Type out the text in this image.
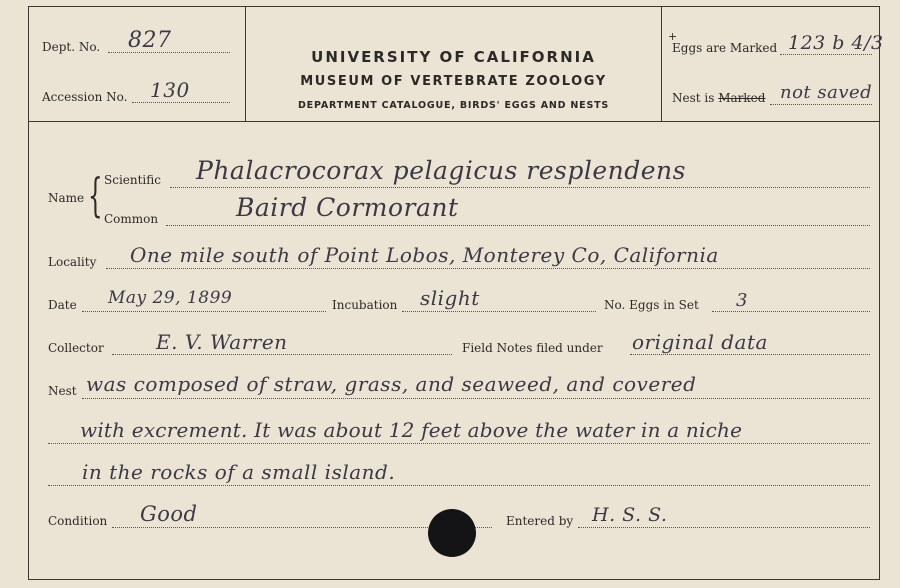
UNIVERSITY OF CALIFORNIA
MUSEUM OF VERTEBRATE ZOOLOGY
DEPARTMENT CATALOGUE, BIRDS' EGGS AND NESTS
Dept. No. 827
Accession No. 130
+
Eggs are Marked 123 b 4/3
Nest is Marked not saved
Name { Scientific Phalacrocorax pelagicus resplendens
Common	Baird Cormorant
Locality One mile south of Point Lobos, Monterey Co, California
Date May 29, 1899	Incubation slight	No. Eggs in Set 3
Collector	E. V. Warren	Field Notes filed under original data
Nest was composed of straw, grass, and seaweed, and covered
with excrement. It was about 12 feet above the water in a niche
in the rocks of a small island.
Condition Good	Entered by H. S. S.
